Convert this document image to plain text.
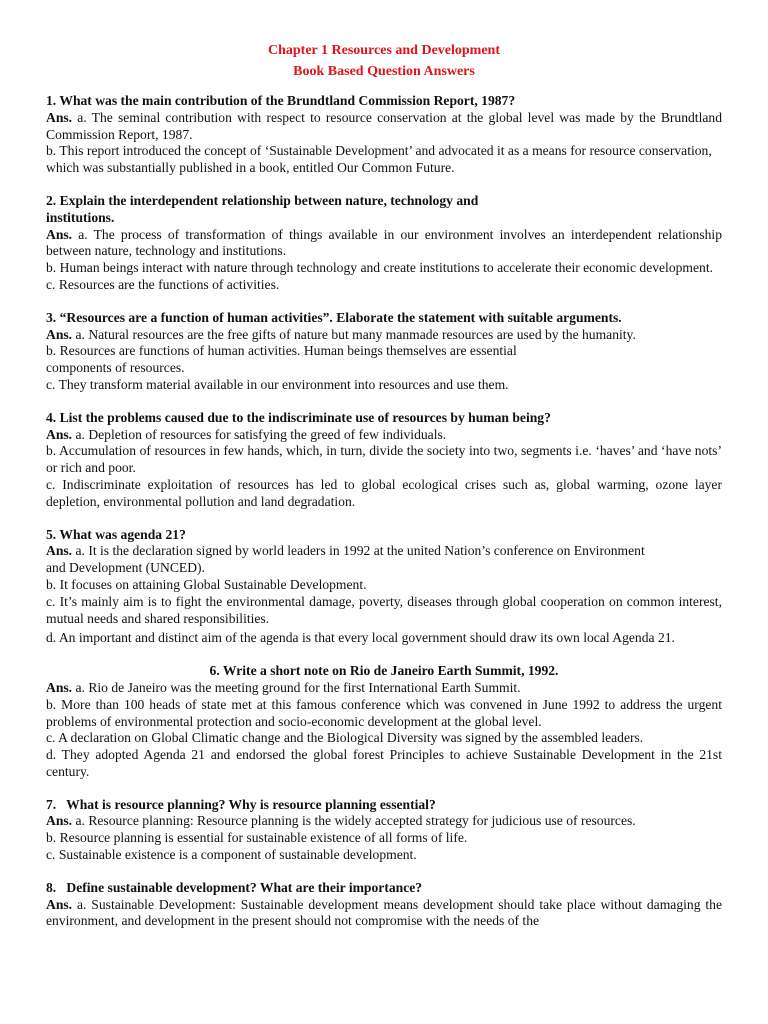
Chapter 1 Resources and Development
Book Based Question Answers

1. What was the main contribution of the Brundtland Commission Report, 1987?

Ans. a. The seminal contribution with respect to resource conservation at the global level was made by the Brundtland Commission Report, 1987.

b. This report introduced the concept of ‘Sustainable Development’ and advocated it as a means for resource conservation, which was substantially published in a book, entitled Our Common Future.

2. Explain the interdependent relationship between nature, technology and institutions.

Ans. a. The process of transformation of things available in our environment involves an interdependent relationship between nature, technology and institutions.

b. Human beings interact with nature through technology and create institutions to accelerate their economic development.

c. Resources are the functions of activities.

3. “Resources are a function of human activities”. Elaborate the statement with suitable arguments.

Ans. a. Natural resources are the free gifts of nature but many manmade resources are used by the humanity.

b. Resources are functions of human activities. Human beings themselves are essential

components of resources.

c. They transform material available in our environment into resources and use them.

4. List the problems caused due to the indiscriminate use of resources by human being?

Ans. a. Depletion of resources for satisfying the greed of few individuals.

b. Accumulation of resources in few hands, which, in turn, divide the society into two, segments i.e. ‘haves’ and ‘have nots’ or rich and poor.

c. Indiscriminate exploitation of resources has led to global ecological crises such as, global warming, ozone layer depletion, environmental pollution and land degradation.

5. What was agenda 21?

Ans. a. It is the declaration signed by world leaders in 1992 at the united Nation’s conference on Environment and Development (UNCED).

b. It focuses on attaining Global Sustainable Development.

c. It’s mainly aim is to fight the environmental damage, poverty, diseases through global cooperation on common interest, mutual needs and shared responsibilities.

d. An important and distinct aim of the agenda is that every local government should draw its own local Agenda 21.

6. Write a short note on Rio de Janeiro Earth Summit, 1992.

Ans. a. Rio de Janeiro was the meeting ground for the first International Earth Summit.

b. More than 100 heads of state met at this famous conference which was convened in June 1992 to address the urgent problems of environmental protection and socio-economic development at the global level.

c. A declaration on Global Climatic change and the Biological Diversity was signed by the assembled leaders.

d. They adopted Agenda 21 and endorsed the global forest Principles to achieve Sustainable Development in the 21st century.

7.   What is resource planning? Why is resource planning essential?

Ans. a. Resource planning: Resource planning is the widely accepted strategy for judicious use of resources.

b. Resource planning is essential for sustainable existence of all forms of life.

c. Sustainable existence is a component of sustainable development.

8.   Define sustainable development? What are their importance?

Ans. a. Sustainable Development: Sustainable development means development should take place without damaging the environment, and development in the present should not compromise with the needs of the
